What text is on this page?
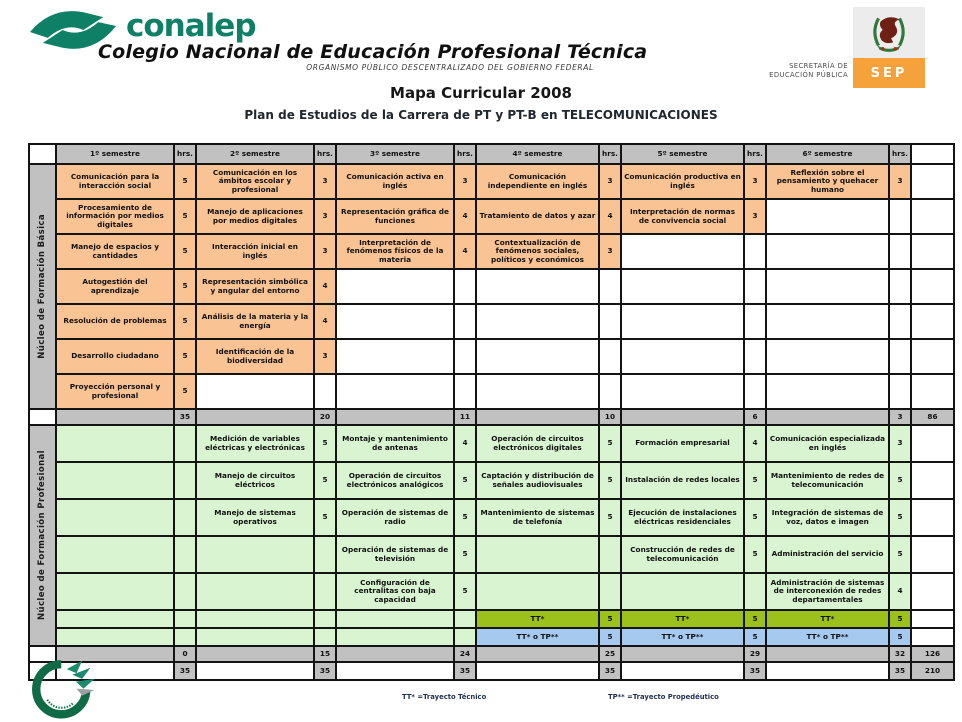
conalep
Colegio Nacional de Educación Profesional Técnica
ORGANISMO PÚBLICO DESCENTRALIZADO DEL GOBIERNO FEDERAL	SECRETARÍA DE
EDUCACIÓN PÚBLICA	SEP
Mapa Curricular 2008
Plan de Estudios de la Carrera de PT y PT-B en TELECOMUNICACIONES
	1º semestre	hrs.	2º semestre	hrs.	3º semestre	hrs.	4º semestre	hrs.	5º semestre	hrs.	6º semestre	hrs.	

Núcleo de Formación Básica	Comunicación para la interacción social	5	Comunicación en los ámbitos escolar y profesional	3	Comunicación activa en inglés	3	Comunicación independiente en inglés	3	Comunicación productiva en inglés	3	Reflexión sobre el pensamiento y quehacer humano	3	
	Procesamiento de información por medios digitales	5	Manejo de aplicaciones por medios digitales	3	Representación gráfica de funciones	4	Tratamiento de datos y azar	4	Interpretación de normas de convivencia social	3			
	Manejo de espacios y cantidades	5	Interacción inicial en inglés	3	Interpretación de fenómenos físicos de la materia	4	Contextualización de fenómenos sociales, políticos y económicos	3					
	Autogestión del aprendizaje	5	Representación simbólica y angular del entorno	4									
	Resolución de problemas	5	Análisis de la materia y la energía	4									
	Desarrollo ciudadano	5	Identificación de la biodiversidad	3									
	Proyección personal y profesional	5											
		35		20		11		10		6		3	86

Núcleo de Formación Profesional			Medición de variables eléctricas y electrónicas	5	Montaje y mantenimiento de antenas	4	Operación de circuitos electrónicos digitales	5	Formación empresarial	4	Comunicación especializada en inglés	3	
			Manejo de circuitos eléctricos	5	Operación de circuitos electrónicos analógicos	5	Captación y distribución de señales audiovisuales	5	Instalación de redes locales	5	Mantenimiento de redes de telecomunicación	5	
			Manejo de sistemas operativos	5	Operación de sistemas de radio	5	Mantenimiento de sistemas de telefonía	5	Ejecución de instalaciones eléctricas residenciales	5	Integración de sistemas de voz, datos e imagen	5	
					Operación de sistemas de televisión	5			Construcción de redes de telecomunicación	5	Administración del servicio	5	
					Configuración de centralitas con baja capacidad	5					Administración de sistemas de interconexión de redes departamentales	4	
							TT*	5	TT*	5	TT*	5	
							TT* o TP**	5	TT* o TP**	5	TT* o TP**	5	
		0		15		24		25		29		32	126
		35		35		35		35		35		35	210
TT* =Trayecto Técnico	TP** =Trayecto Propedéutico
